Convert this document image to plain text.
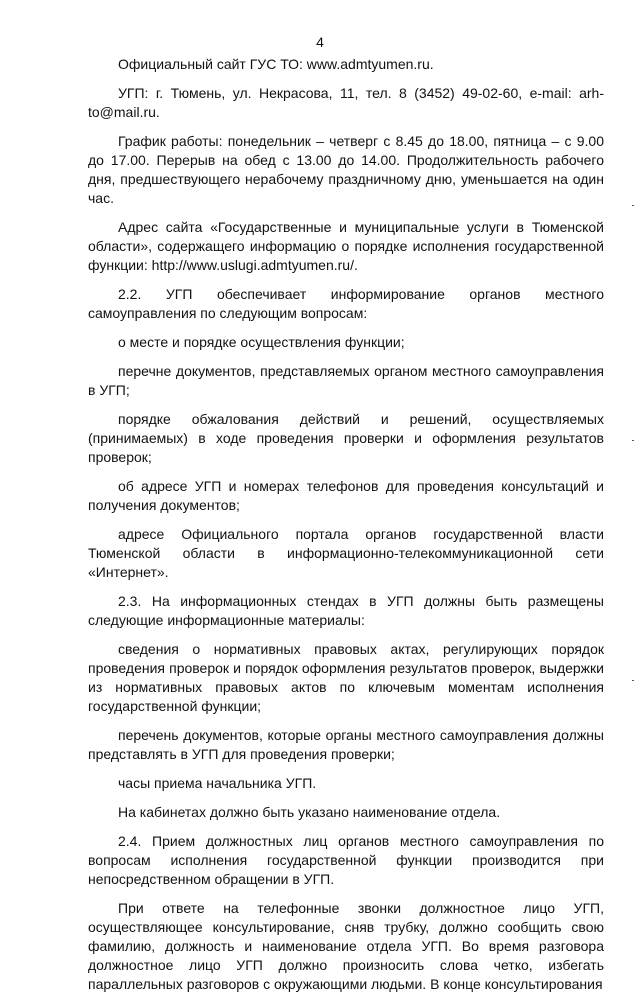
4

Официальный сайт ГУС ТО: www.admtyumen.ru.

УГП: г. Тюмень, ул. Некрасова, 11, тел. 8 (3452) 49-02-60, e-mail: arh-to@mail.ru.

График работы: понедельник – четверг с 8.45 до 18.00, пятница – с 9.00 до 17.00. Перерыв на обед с 13.00 до 14.00. Продолжительность рабочего дня, предшествующего нерабочему праздничному дню, уменьшается на один час.

Адрес сайта «Государственные и муниципальные услуги в Тюменской области», содержащего информацию о порядке исполнения государственной функции: http://www.uslugi.admtyumen.ru/.

2.2. УГП обеспечивает информирование органов местного самоуправления по следующим вопросам:

о месте и порядке осуществления функции;

перечне документов, представляемых органом местного самоуправления в УГП;

порядке обжалования действий и решений, осуществляемых (принимаемых) в ходе проведения проверки и оформления результатов проверок;

об адресе УГП и номерах телефонов для проведения консультаций и получения документов;

адресе Официального портала органов государственной власти Тюменской области в информационно-телекоммуникационной сети «Интернет».

2.3. На информационных стендах в УГП должны быть размещены следующие информационные материалы:

сведения о нормативных правовых актах, регулирующих порядок проведения проверок и порядок оформления результатов проверок, выдержки из нормативных правовых актов по ключевым моментам исполнения государственной функции;

перечень документов, которые органы местного самоуправления должны представлять в УГП для проведения проверки;

часы приема начальника УГП.

На кабинетах должно быть указано наименование отдела.

2.4. Прием должностных лиц органов местного самоуправления по вопросам исполнения государственной функции производится при непосредственном обращении в УГП.

При ответе на телефонные звонки должностное лицо УГП, осуществляющее консультирование, сняв трубку, должно сообщить свою фамилию, должность и наименование отдела УГП. Во время разговора должностное лицо УГП должно произносить слова четко, избегать параллельных разговоров с окружающими людьми. В конце консультирования
